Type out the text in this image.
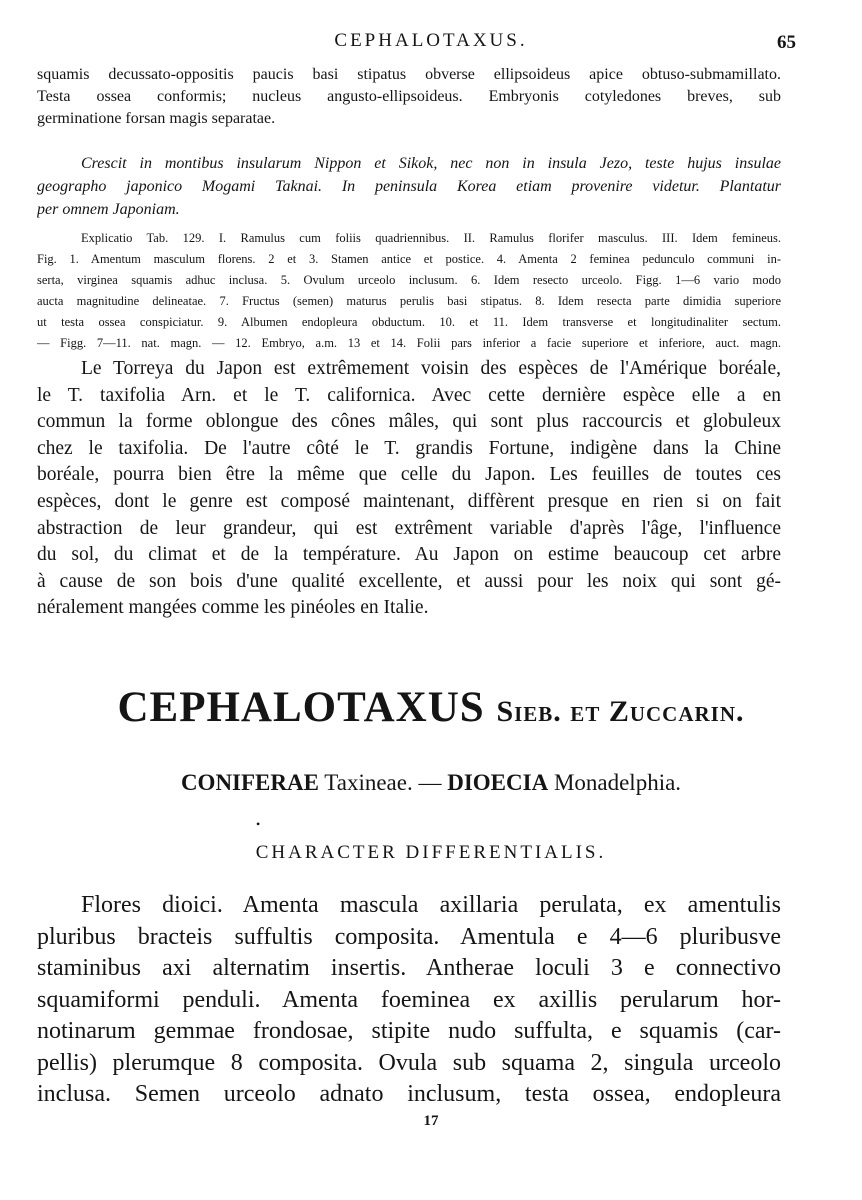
CEPHALOTAXUS.	65
squamis decussato-oppositis paucis basi stipatus obverse ellipsoideus apice obtuso-submamillato.
Testa ossea conformis; nucleus angusto-ellipsoideus. Embryonis cotyledones breves, sub
germinatione forsan magis separatae.
Crescit in montibus insularum Nippon et Sikok, nec non in insula Jezo, teste hujus insulae
geographo japonico Mogami Taknai. In peninsula Korea etiam provenire videtur. Plantatur
per omnem Japoniam.
Explicatio Tab. 129. I. Ramulus cum foliis quadriennibus. II. Ramulus florifer masculus. III. Idem femineus.
Fig. 1. Amentum masculum florens. 2 et 3. Stamen antice et postice. 4. Amenta 2 feminea pedunculo communi in-
serta, virginea squamis adhuc inclusa. 5. Ovulum urceolo inclusum. 6. Idem resecto urceolo. Figg. 1—6 vario modo
aucta magnitudine delineatae. 7. Fructus (semen) maturus perulis basi stipatus. 8. Idem resecta parte dimidia superiore
ut testa ossea conspiciatur. 9. Albumen endopleura obductum. 10. et 11. Idem transverse et longitudinaliter sectum.
— Figg. 7—11. nat. magn. — 12. Embryo, a.m. 13 et 14. Folii pars inferior a facie superiore et inferiore, auct. magn.
Le Torreya du Japon est extrêmement voisin des espèces de l'Amérique boréale,
le T. taxifolia Arn. et le T. californica. Avec cette dernière espèce elle a en
commun la forme oblongue des cônes mâles, qui sont plus raccourcis et globuleux
chez le taxifolia. De l'autre côté le T. grandis Fortune, indigène dans la Chine
boréale, pourra bien être la même que celle du Japon. Les feuilles de toutes ces
espèces, dont le genre est composé maintenant, diffèrent presque en rien si on fait
abstraction de leur grandeur, qui est extrêment variable d'après l'âge, l'influence
du sol, du climat et de la température. Au Japon on estime beaucoup cet arbre
à cause de son bois d'une qualité excellente, et aussi pour les noix qui sont gé-
néralement mangées comme les pinéoles en Italie.
CEPHALOTAXUS Sieb. et Zuccarin.
CONIFERAE Taxineae. — DIOECIA Monadelphia.
•
CHARACTER DIFFERENTIALIS.
Flores dioici. Amenta mascula axillaria perulata, ex amentulis
pluribus bracteis suffultis composita. Amentula e 4—6 pluribusve
staminibus axi alternatim insertis. Antherae loculi 3 e connectivo
squamiformi penduli. Amenta foeminea ex axillis perularum hor-
notinarum gemmae frondosae, stipite nudo suffulta, e squamis (car-
pellis) plerumque 8 composita. Ovula sub squama 2, singula urceolo
inclusa. Semen urceolo adnato inclusum, testa ossea, endopleura
17
